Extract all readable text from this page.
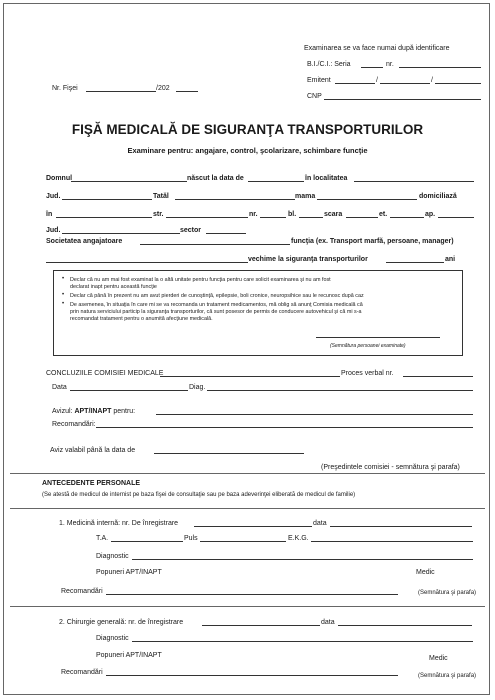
Examinarea se va face numai după identificare
B.I./C.I.: Seria	nr.
Emitent	/	/
CNP
Nr. Fişei	/202
FIŞĂ MEDICALĂ DE SIGURANŢA TRANSPORTURILOR
Examinare pentru: angajare, control, şcolarizare, schimbare funcţie
Domnul	născut la data de	în localitatea
Jud.	Tatăl	mama	domiciliază
în	str.	nr.	bl.	scara	et.	ap.
Jud.	sector
Societatea angajatoare	funcţia (ex. Transport marfă, persoane, manager)
vechime la siguranţa transporturilor	ani
• Declar că nu am mai fost examinat la o altă unitate pentru funcţia pentru care solicit examinarea şi nu am fost
declarat inapt pentru această funcţie
• Declar că până în prezent nu am avut pierderi de cunoştinţă, epilepsie, boli cronice, neuropsihice sau le recunosc după caz
• De asemenea, în situaţia în care mi se va recomanda un tratament medicamentos, mă oblig să anunţ Comisia medicală că
prin natura serviciului particip la siguranţa transporturilor, că sunt posesor de permis de conducere autovehicul şi că mi s-a
recomandat tratament pentru o anumită afecţiune medicală.
(Semnătura persoanei examinate)
CONCLUZIILE COMISIEI MEDICALE	Proces verbal nr.
Data	Diag.
Avizul: APT/INAPT pentru:
Recomandări:
Aviz valabil până la data de
(Preşedintele comisiei - semnătura şi parafa)
ANTECEDENTE PERSONALE
(Se atestă de medicul de internist pe baza fişei de consultaţie sau pe baza adeverinţei eliberată de medicul de familie)
1. Medicină internă: nr. De înregistrare	data
T.A.	Puls	E.K.G.
Diagnostic
Popuneri APT/INAPT	Medic
Recomandări	(Semnătura şi parafa)
2. Chirurgie generală: nr. de înregistrare	data
Diagnostic
Popuneri APT/INAPT	Medic
Recomandări	(Semnătura şi parafa)
